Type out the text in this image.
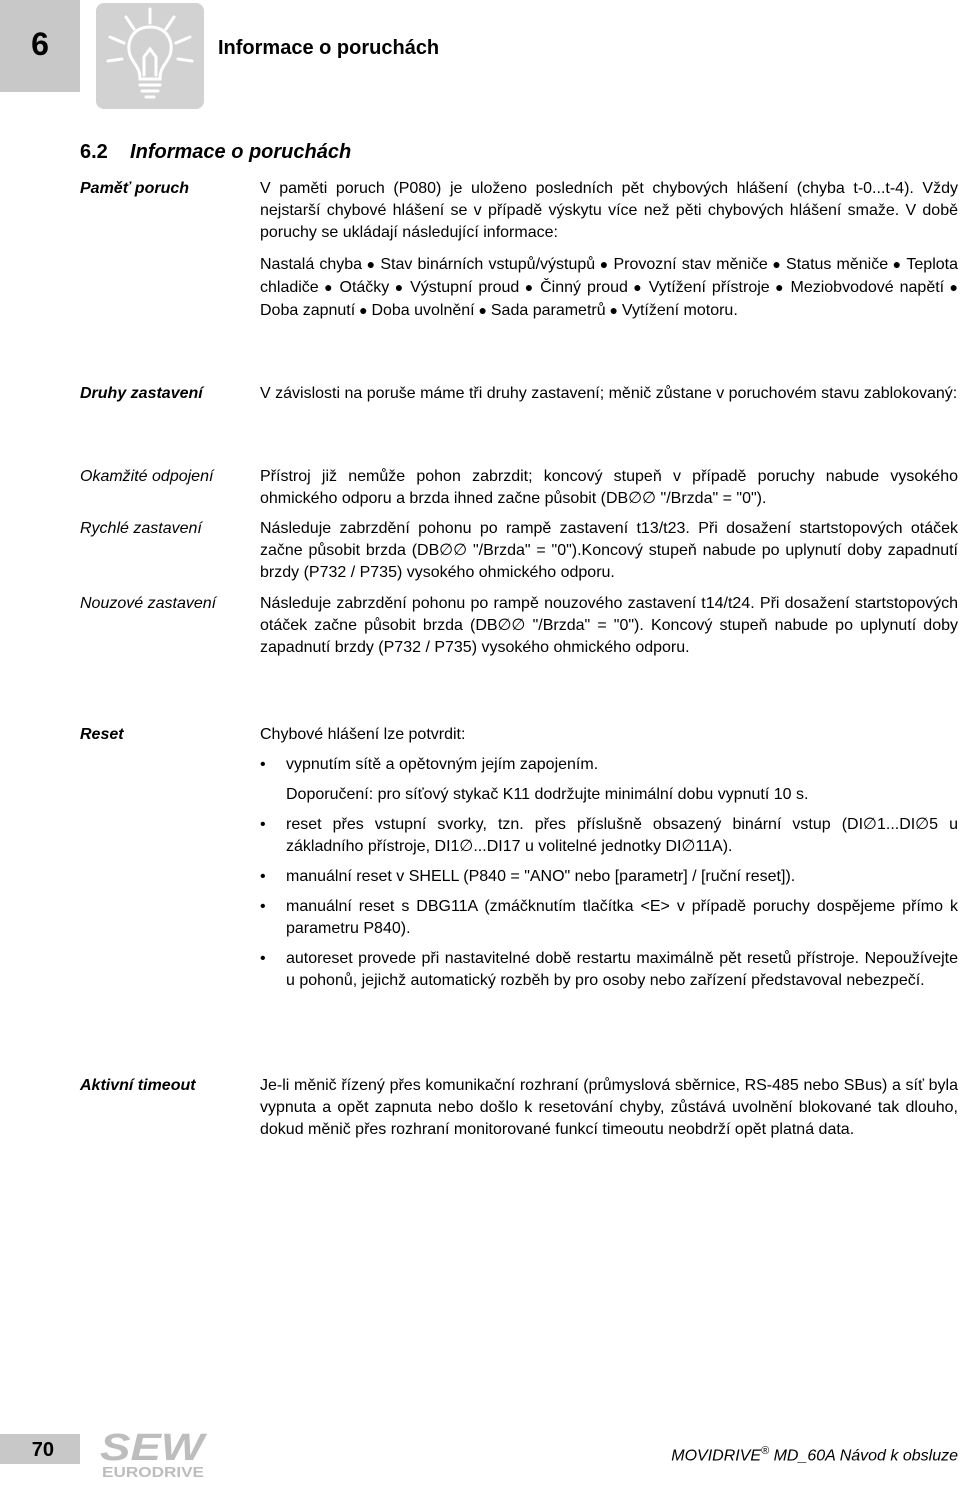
6	Informace o poruchách
6.2 Informace o poruchách
Paměť poruch	V paměti poruch (P080) je uloženo posledních pět chybových hlášení (chyba t-0...t-4). Vždy nejstarší chybové hlášení se v případě výskytu více než pěti chybových hlášení smaže. V době poruchy se ukládají následující informace:

Nastalá chyba ● Stav binárních vstupů/výstupů ● Provozní stav měniče ● Status měniče ● Teplota chladiče ● Otáčky ● Výstupní proud ● Činný proud ● Vytížení přístroje ● Meziobvodové napětí ● Doba zapnutí ● Doba uvolnění ● Sada parametrů ● Vytížení motoru.

Druhy zastavení	V závislosti na poruše máme tři druhy zastavení; měnič zůstane v poruchovém stavu zablokovaný:
Okamžité odpojení	Přístroj již nemůže pohon zabrzdit; koncový stupeň v případě poruchy nabude vysokého ohmického odporu a brzda ihned začne působit (DB∅∅ "/Brzda" = "0").
Rychlé zastavení	Následuje zabrzdění pohonu po rampě zastavení t13/t23. Při dosažení startstopových otáček začne působit brzda (DB∅∅ "/Brzda" = "0").Koncový stupeň nabude po uplynutí doby zapadnutí brzdy (P732 / P735) vysokého ohmického odporu.
Nouzové zastavení	Následuje zabrzdění pohonu po rampě nouzového zastavení t14/t24. Při dosažení startstopových otáček začne působit brzda (DB∅∅ "/Brzda" = "0"). Koncový stupeň nabude po uplynutí doby zapadnutí brzdy (P732 / P735) vysokého ohmického odporu.
Reset	Chybové hlášení lze potvrdit:

• vypnutím sítě a opětovným jejím zapojením.
Doporučení: pro síťový stykač K11 dodržujte minimální dobu vypnutí 10 s.
• reset přes vstupní svorky, tzn. přes příslušně obsazený binární vstup (DI∅1...DI∅5 u základního přístroje, DI1∅...DI17 u volitelné jednotky DI∅11A).
• manuální reset v SHELL (P840 = "ANO" nebo [parametr] / [ruční reset]).
• manuální reset s DBG11A (zmáčknutím tlačítka <E> v případě poruchy dospějeme přímo k parametru P840).
• autoreset provede při nastavitelné době restartu maximálně pět resetů přístroje. Nepoužívejte u pohonů, jejichž automatický rozběh by pro osoby nebo zařízení představoval nebezpečí.
Aktivní timeout	Je-li měnič řízený přes komunikační rozhraní (průmyslová sběrnice, RS-485 nebo SBus) a síť byla vypnuta a opět zapnuta nebo došlo k resetování chyby, zůstává uvolnění blokované tak dlouho, dokud měnič přes rozhraní monitorované funkcí timeoutu neobdrží opět platná data.
70 SEW
EURODRIVE
MOVIDRIVE® MD_60A Návod k obsluze
